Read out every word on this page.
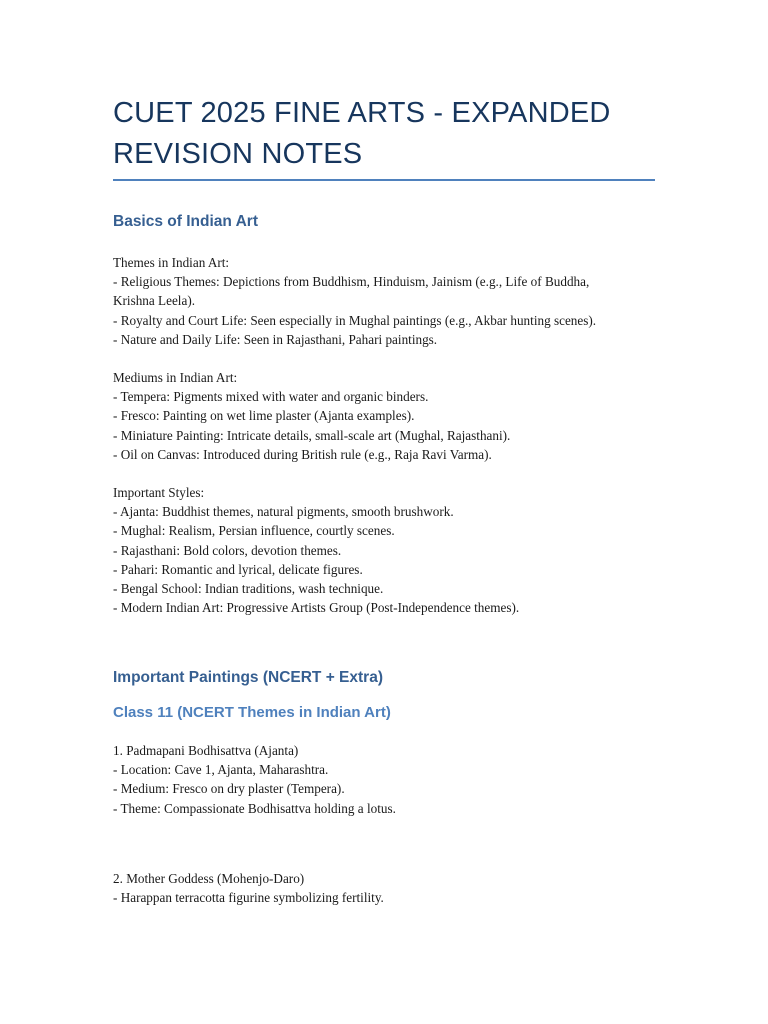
CUET 2025 FINE ARTS - EXPANDED
REVISION NOTES
Basics of Indian Art
Themes in Indian Art:
- Religious Themes: Depictions from Buddhism, Hinduism, Jainism (e.g., Life of Buddha,
Krishna Leela).
- Royalty and Court Life: Seen especially in Mughal paintings (e.g., Akbar hunting scenes).
- Nature and Daily Life: Seen in Rajasthani, Pahari paintings.
Mediums in Indian Art:
- Tempera: Pigments mixed with water and organic binders.
- Fresco: Painting on wet lime plaster (Ajanta examples).
- Miniature Painting: Intricate details, small-scale art (Mughal, Rajasthani).
- Oil on Canvas: Introduced during British rule (e.g., Raja Ravi Varma).
Important Styles:
- Ajanta: Buddhist themes, natural pigments, smooth brushwork.
- Mughal: Realism, Persian influence, courtly scenes.
- Rajasthani: Bold colors, devotion themes.
- Pahari: Romantic and lyrical, delicate figures.
- Bengal School: Indian traditions, wash technique.
- Modern Indian Art: Progressive Artists Group (Post-Independence themes).
Important Paintings (NCERT + Extra)
Class 11 (NCERT Themes in Indian Art)
1. Padmapani Bodhisattva (Ajanta)
- Location: Cave 1, Ajanta, Maharashtra.
- Medium: Fresco on dry plaster (Tempera).
- Theme: Compassionate Bodhisattva holding a lotus.
2. Mother Goddess (Mohenjo-Daro)
- Harappan terracotta figurine symbolizing fertility.
